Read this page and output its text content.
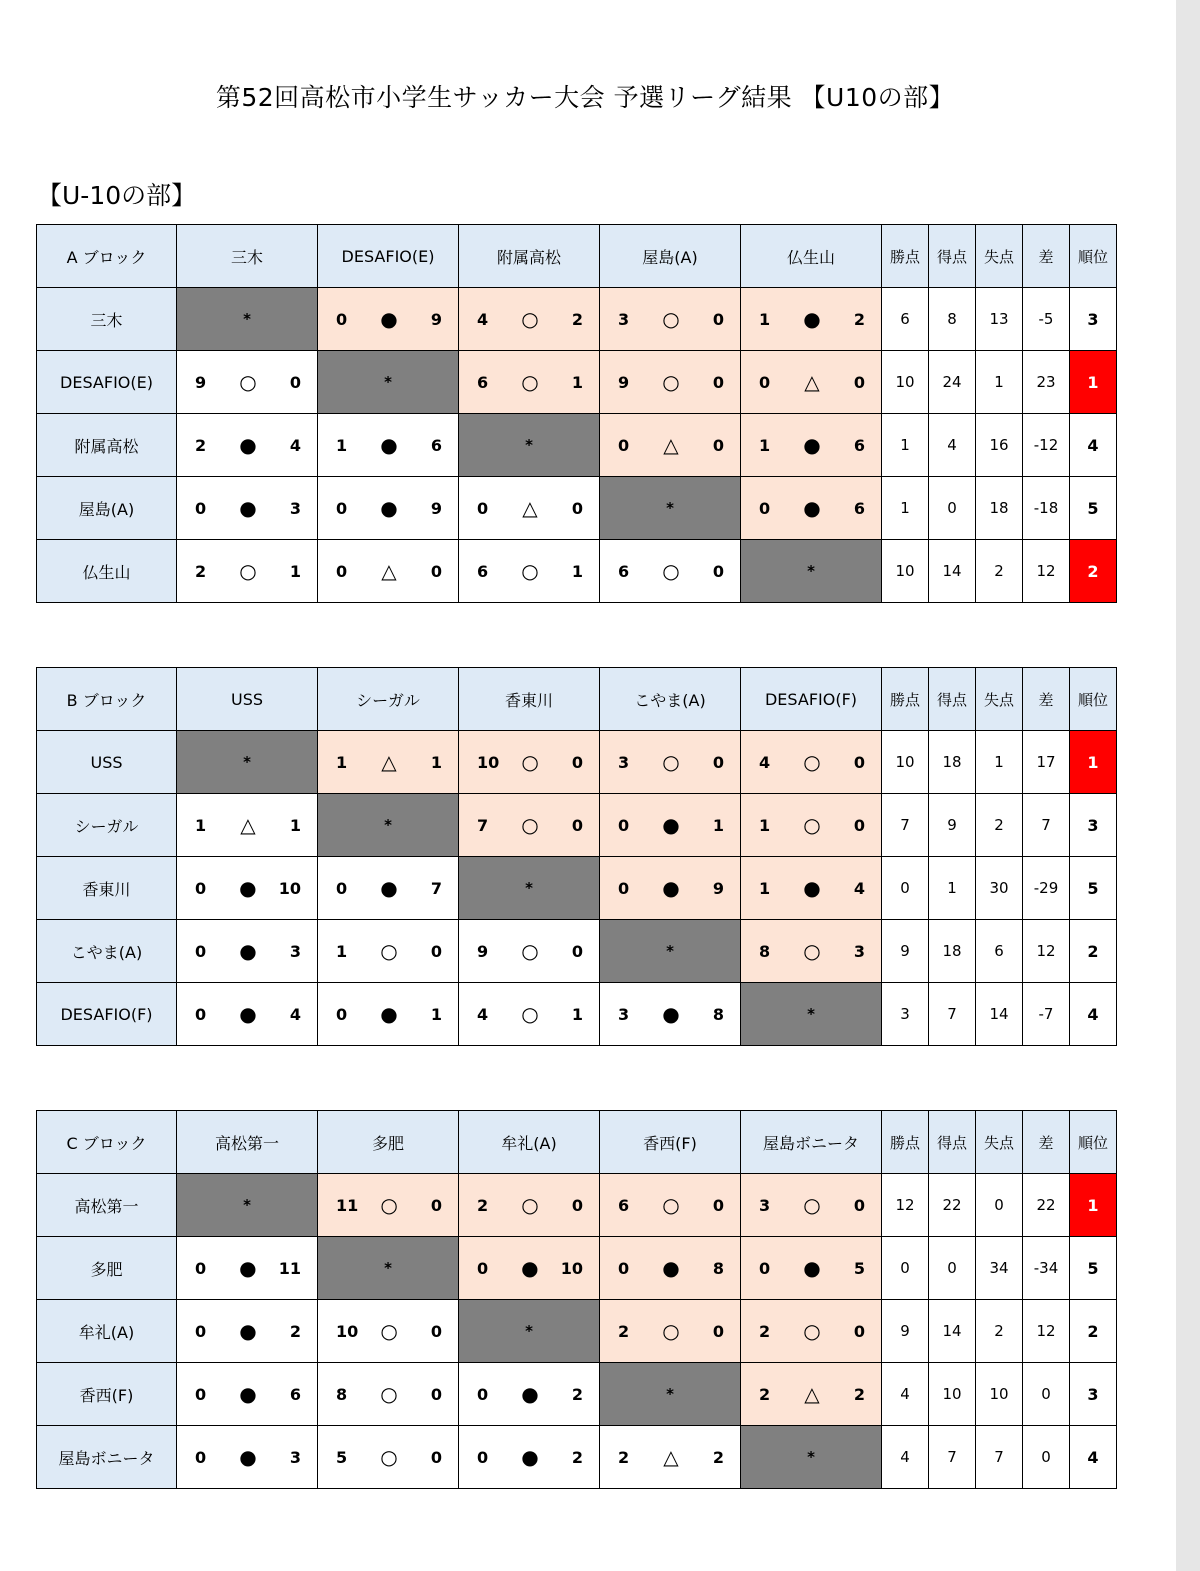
第52回高松市小学生サッカー大会 予選リーグ結果 【U10の部】
【U-10の部】
A ブロック	三木	DESAFIO(E)	附属高松	屋島(A)	仏生山	勝点	得点	失点	差	順位
三木	*	0 ● 9	4 ○ 2	3 ○ 0	1 ● 2	6	8	13	-5	3
DESAFIO(E)	9 ○ 0	*	6 ○ 1	9 ○ 0	0 △ 0	10	24	1	23	1
附属高松	2 ● 4	1 ● 6	*	0 △ 0	1 ● 6	1	4	16	-12	4
屋島(A)	0 ● 3	0 ● 9	0 △ 0	*	0 ● 6	1	0	18	-18	5
仏生山	2 ○ 1	0 △ 0	6 ○ 1	6 ○ 0	*	10	14	2	12	2
B ブロック	USS	シーガル	香東川	こやま(A)	DESAFIO(F)	勝点	得点	失点	差	順位
USS	*	1 △ 1	10 ○ 0	3 ○ 0	4 ○ 0	10	18	1	17	1
シーガル	1 △ 1	*	7 ○ 0	0 ● 1	1 ○ 0	7	9	2	7	3
香東川	0 ● 10	0 ● 7	*	0 ● 9	1 ● 4	0	1	30	-29	5
こやま(A)	0 ● 3	1 ○ 0	9 ○ 0	*	8 ○ 3	9	18	6	12	2
DESAFIO(F)	0 ● 4	0 ● 1	4 ○ 1	3 ● 8	*	3	7	14	-7	4
C ブロック	高松第一	多肥	牟礼(A)	香西(F)	屋島ボニータ	勝点	得点	失点	差	順位
高松第一	*	11 ○ 0	2 ○ 0	6 ○ 0	3 ○ 0	12	22	0	22	1
多肥	0 ● 11	*	0 ● 10	0 ● 8	0 ● 5	0	0	34	-34	5
牟礼(A)	0 ● 2	10 ○ 0	*	2 ○ 0	2 ○ 0	9	14	2	12	2
香西(F)	0 ● 6	8 ○ 0	0 ● 2	*	2 △ 2	4	10	10	0	3
屋島ボニータ	0 ● 3	5 ○ 0	0 ● 2	2 △ 2	*	4	7	7	0	4
